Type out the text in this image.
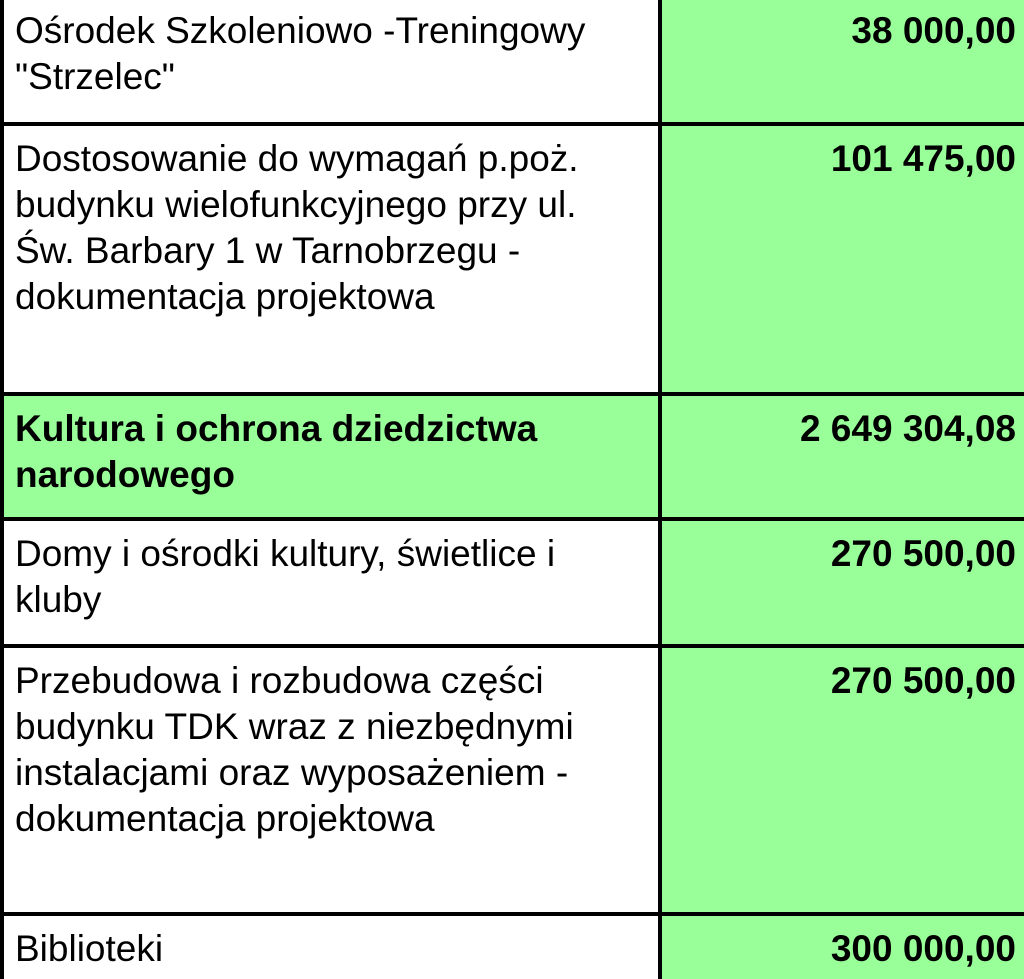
Ośrodek Szkoleniowo -Treningowy "Strzelec"	38 000,00
Dostosowanie do wymagań p.poż. budynku wielofunkcyjnego przy ul. Św. Barbary 1 w Tarnobrzegu - dokumentacja projektowa	101 475,00
Kultura i ochrona dziedzictwa narodowego	2 649 304,08
Domy i ośrodki kultury, świetlice i kluby	270 500,00
Przebudowa i rozbudowa części budynku TDK wraz z niezbędnymi instalacjami oraz wyposażeniem - dokumentacja projektowa	270 500,00
Biblioteki	300 000,00
